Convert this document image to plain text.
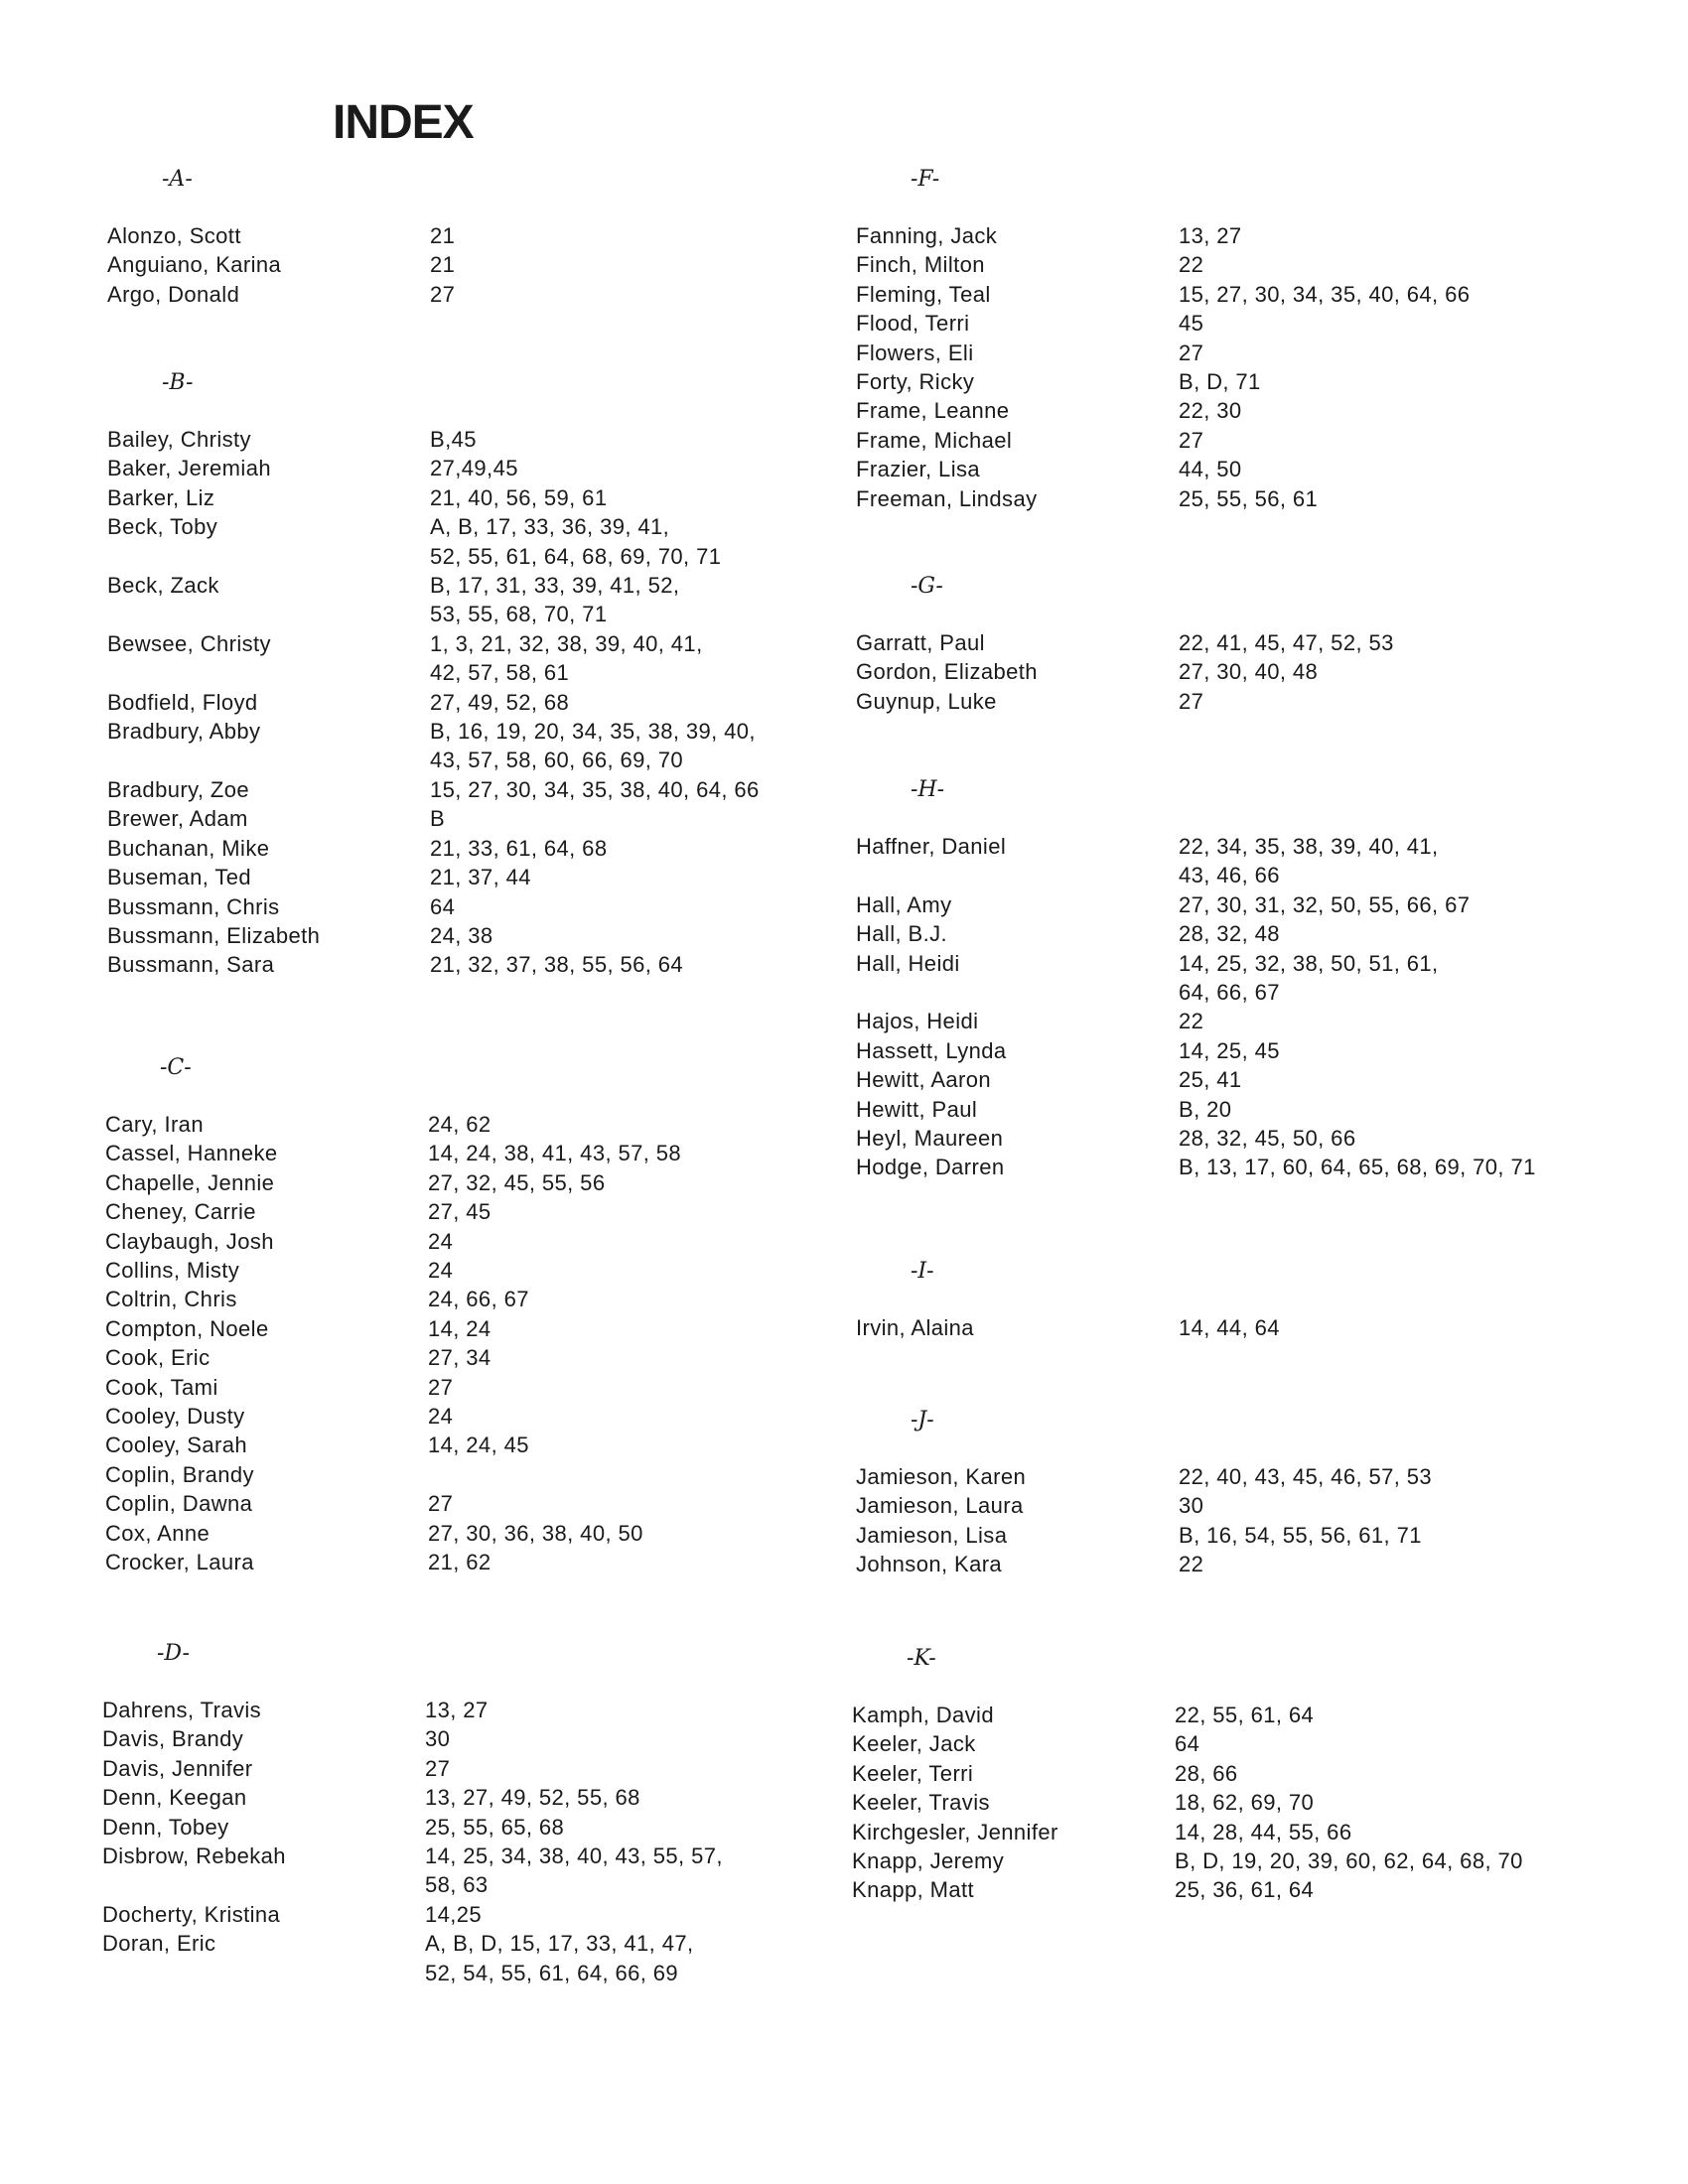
INDEX
-A-
Alonzo, Scott	21
Anguiano, Karina	21
Argo, Donald	27
-B-
Bailey, Christy	B,45
Baker, Jeremiah	27,49,45
Barker, Liz	21, 40, 56, 59, 61
Beck, Toby	A, B, 17, 33, 36, 39, 41,
52, 55, 61, 64, 68, 69, 70, 71
Beck, Zack	B, 17, 31, 33, 39, 41, 52,
53, 55, 68, 70, 71
Bewsee, Christy	1, 3, 21, 32, 38, 39, 40, 41,
42, 57, 58, 61
Bodfield, Floyd	27, 49, 52, 68
Bradbury, Abby	B, 16, 19, 20, 34, 35, 38, 39, 40,
43, 57, 58, 60, 66, 69, 70
Bradbury, Zoe	15, 27, 30, 34, 35, 38, 40, 64, 66
Brewer, Adam	B
Buchanan, Mike	21, 33, 61, 64, 68
Buseman, Ted	21, 37, 44
Bussmann, Chris	64
Bussmann, Elizabeth	24, 38
Bussmann, Sara	21, 32, 37, 38, 55, 56, 64
-C-
Cary, Iran	24, 62
Cassel, Hanneke	14, 24, 38, 41, 43, 57, 58
Chapelle, Jennie	27, 32, 45, 55, 56
Cheney, Carrie	27, 45
Claybaugh, Josh	24
Collins, Misty	24
Coltrin, Chris	24, 66, 67
Compton, Noele	14, 24
Cook, Eric	27, 34
Cook, Tami	27
Cooley, Dusty	24
Cooley, Sarah	14, 24, 45
Coplin, Brandy
Coplin, Dawna	27
Cox, Anne	27, 30, 36, 38, 40, 50
Crocker, Laura	21, 62
-D-
Dahrens, Travis	13, 27
Davis, Brandy	30
Davis, Jennifer	27
Denn, Keegan	13, 27, 49, 52, 55, 68
Denn, Tobey	25, 55, 65, 68
Disbrow, Rebekah	14, 25, 34, 38, 40, 43, 55, 57,
58, 63
Docherty, Kristina	14,25
Doran, Eric	A, B, D, 15, 17, 33, 41, 47,
52, 54, 55, 61, 64, 66, 69
-F-
Fanning, Jack	13, 27
Finch, Milton	22
Fleming, Teal	15, 27, 30, 34, 35, 40, 64, 66
Flood, Terri	45
Flowers, Eli	27
Forty, Ricky	B, D, 71
Frame, Leanne	22, 30
Frame, Michael	27
Frazier, Lisa	44, 50
Freeman, Lindsay	25, 55, 56, 61
-G-
Garratt, Paul	22, 41, 45, 47, 52, 53
Gordon, Elizabeth	27, 30, 40, 48
Guynup, Luke	27
-H-
Haffner, Daniel	22, 34, 35, 38, 39, 40, 41,
43, 46, 66
Hall, Amy	27, 30, 31, 32, 50, 55, 66, 67
Hall, B.J.	28, 32, 48
Hall, Heidi	14, 25, 32, 38, 50, 51, 61,
64, 66, 67
Hajos, Heidi	22
Hassett, Lynda	14, 25, 45
Hewitt, Aaron	25, 41
Hewitt, Paul	B, 20
Heyl, Maureen	28, 32, 45, 50, 66
Hodge, Darren	B, 13, 17, 60, 64, 65, 68, 69, 70, 71
-I-
Irvin, Alaina	14, 44, 64
-J-
Jamieson, Karen	22, 40, 43, 45, 46, 57, 53
Jamieson, Laura	30
Jamieson, Lisa	B, 16, 54, 55, 56, 61, 71
Johnson, Kara	22
-K-
Kamph, David	22, 55, 61, 64
Keeler, Jack	64
Keeler, Terri	28, 66
Keeler, Travis	18, 62, 69, 70
Kirchgesler, Jennifer	14, 28, 44, 55, 66
Knapp, Jeremy	B, D, 19, 20, 39, 60, 62, 64, 68, 70
Knapp, Matt	25, 36, 61, 64
